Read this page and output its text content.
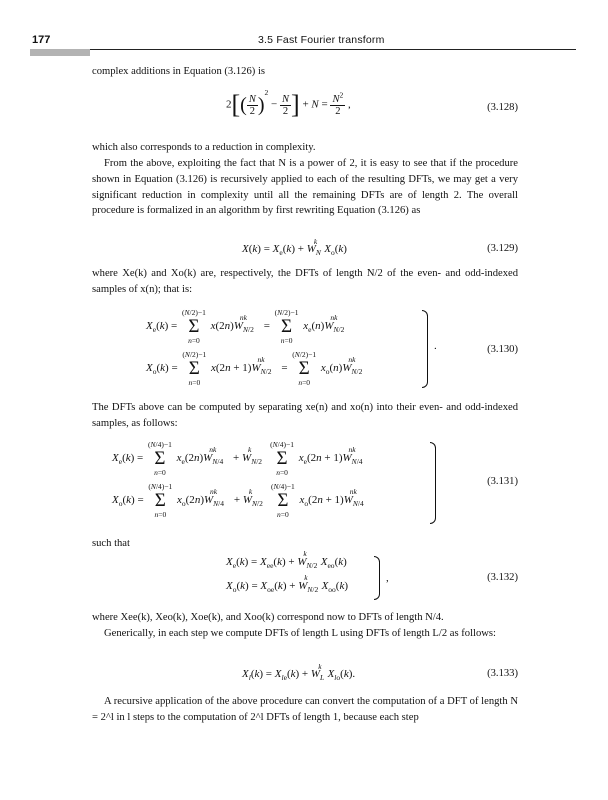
177	3.5 Fast Fourier transform
complex additions in Equation (3.126) is
$2[( \frac{N}{2} )^2 - \frac{N}{2}$ ] + $N = \frac{N^2}{2}$ ,	(3.128)
which also corresponds to a reduction in complexity.
From the above, exploiting the fact that N is a power of 2, it is easy to see that if the procedure shown in Equation (3.126) is recursively applied to each of the resulting DFTs, we may get a very significant reduction in complexity until all the remaining DFTs are of length 2. The overall procedure is formalized in an algorithm by first rewriting Equation (3.126) as
$X(k) = X_e(k) + W_N^kX_o(k)$	(3.129)
where Xe(k) and Xo(k) are, respectively, the DFTs of length N/2 of the even- and odd-indexed samples of x(n); that is:
$X_e(k) = (N/2)-1$
Σ
n=0 $x(2n)W_{N/2}^{nk} = (N/2)-1$
Σ
n=0 $x_e(n)W_{N/2}^{nk}$
$X_o(k) = (N/2)-1$
Σ
n=0 $x(2n + 1)W_{N/2}^{nk} = (N/2)-1$
Σ
n=0 $x_o(n)W_{N/2}^{nk}$
.	(3.130)
The DFTs above can be computed by separating xe(n) and xo(n) into their even- and odd-indexed samples, as follows:
$X_e(k) = (N/4)-1$
Σ
n=0 $x_e(2n)W_{N/4}^{nk} + W_{N/2}^k$ (N/4)−1
Σ
n=0 $x_e(2n + 1)W_{N/4}^{nk}$
$X_o(k) = (N/4)-1$
Σ
n=0 $x_o(2n)W_{N/4}^{nk} + W_{N/2}^k$ (N/4)−1
Σ
n=0 $x_o(2n + 1)W_{N/4}^{nk}$
(3.131)
such that
$X_e(k) = X_{ee}(k) + W_{N/2}^kX_{eo}(k)$
$X_o(k) = X_{oe}(k) + W_{N/2}^kX_{oo}(k)$
,	(3.132)
where Xee(k), Xeo(k), Xoe(k), and Xoo(k) correspond now to DFTs of length N/4.
Generically, in each step we compute DFTs of length L using DFTs of length L/2 as follows:
$X_l(k) = X_{le}(k) + W_L^kX_{lo}(k)$.	(3.133)
A recursive application of the above procedure can convert the computation of a DFT of length N = 2^l in l steps to the computation of 2^l DFTs of length 1, because each step
